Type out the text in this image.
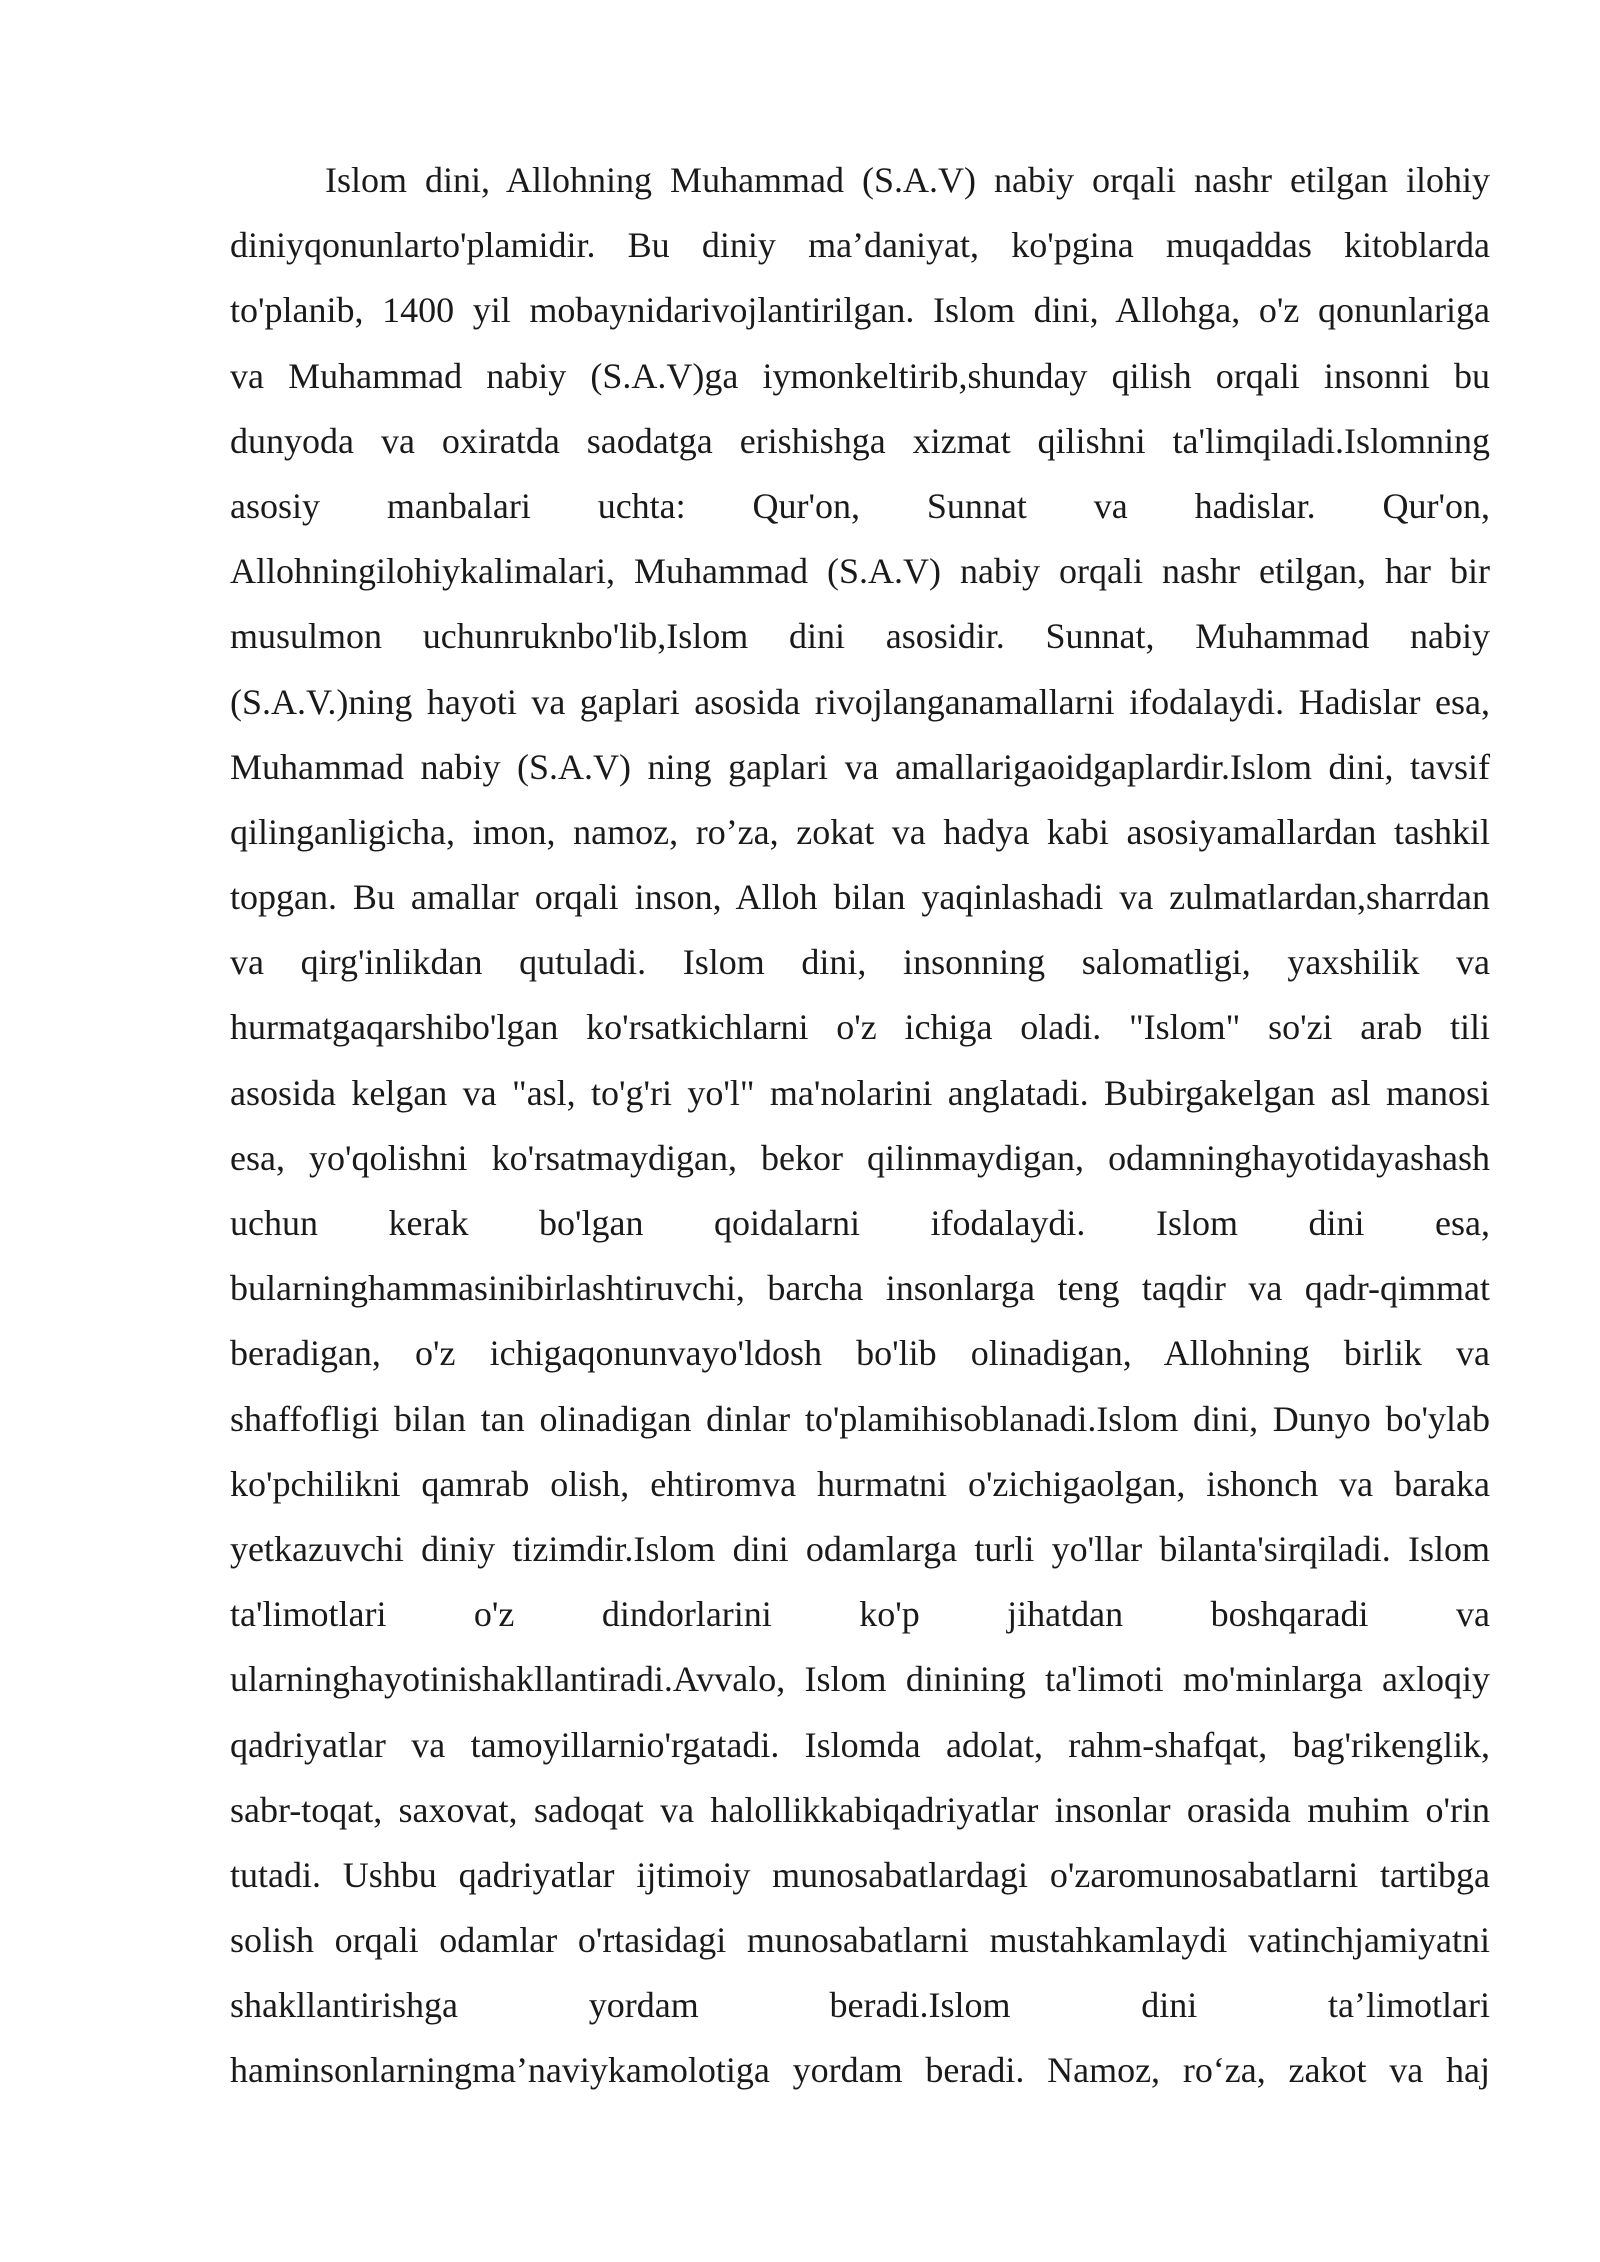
Islom dini, Allohning Muhammad (S.A.V) nabiy orqali nashr etilgan ilohiy
diniyqonunlarto'plamidir. Bu diniy ma’daniyat, ko'pgina muqaddas kitoblarda
to'planib, 1400 yil mobaynidarivojlantirilgan. Islom dini, Allohga, o'z qonunlariga
va Muhammad nabiy (S.A.V)ga iymonkeltirib,shunday qilish orqali insonni bu
dunyoda va oxiratda saodatga erishishga xizmat qilishni ta'limqiladi.Islomning
asosiy manbalari uchta: Qur'on, Sunnat va hadislar. Qur'on,
Allohningilohiykalimalari, Muhammad (S.A.V) nabiy orqali nashr etilgan, har bir
musulmon uchunruknbo'lib,Islom dini asosidir. Sunnat, Muhammad nabiy
(S.A.V.)ning hayoti va gaplari asosida rivojlanganamallarni ifodalaydi. Hadislar esa,
Muhammad nabiy (S.A.V) ning gaplari va amallarigaoidgaplardir.Islom dini, tavsif
qilinganligicha, imon, namoz, ro’za, zokat va hadya kabi asosiyamallardan tashkil
topgan. Bu amallar orqali inson, Alloh bilan yaqinlashadi va zulmatlardan,sharrdan
va qirg'inlikdan qutuladi. Islom dini, insonning salomatligi, yaxshilik va
hurmatgaqarshibo'lgan ko'rsatkichlarni o'z ichiga oladi. "Islom" so'zi arab tili
asosida kelgan va "asl, to'g'ri yo'l" ma'nolarini anglatadi. Bubirgakelgan asl manosi
esa, yo'qolishni ko'rsatmaydigan, bekor qilinmaydigan, odamninghayotidayashash
uchun kerak bo'lgan qoidalarni ifodalaydi. Islom dini esa,
bularninghammasinibirlashtiruvchi, barcha insonlarga teng taqdir va qadr-qimmat
beradigan, o'z ichigaqonunvayo'ldosh bo'lib olinadigan, Allohning birlik va
shaffofligi bilan tan olinadigan dinlar to'plamihisoblanadi.Islom dini, Dunyo bo'ylab
ko'pchilikni qamrab olish, ehtiromva hurmatni o'zichigaolgan, ishonch va baraka
yetkazuvchi diniy tizimdir.Islom dini odamlarga turli yo'llar bilanta'sirqiladi. Islom
ta'limotlari o'z dindorlarini ko'p jihatdan boshqaradi va
ularninghayotinishakllantiradi.Avvalo, Islom dinining ta'limoti mo'minlarga axloqiy
qadriyatlar va tamoyillarnio'rgatadi. Islomda adolat, rahm-shafqat, bag'rikenglik,
sabr-toqat, saxovat, sadoqat va halollikkabiqadriyatlar insonlar orasida muhim o'rin
tutadi. Ushbu qadriyatlar ijtimoiy munosabatlardagi o'zaromunosabatlarni tartibga
solish orqali odamlar o'rtasidagi munosabatlarni mustahkamlaydi vatinchjamiyatni
shakllantirishga yordam beradi.Islom dini ta’limotlari
haminsonlarningma’naviykamolotiga yordam beradi. Namoz, ro‘za, zakot va haj
